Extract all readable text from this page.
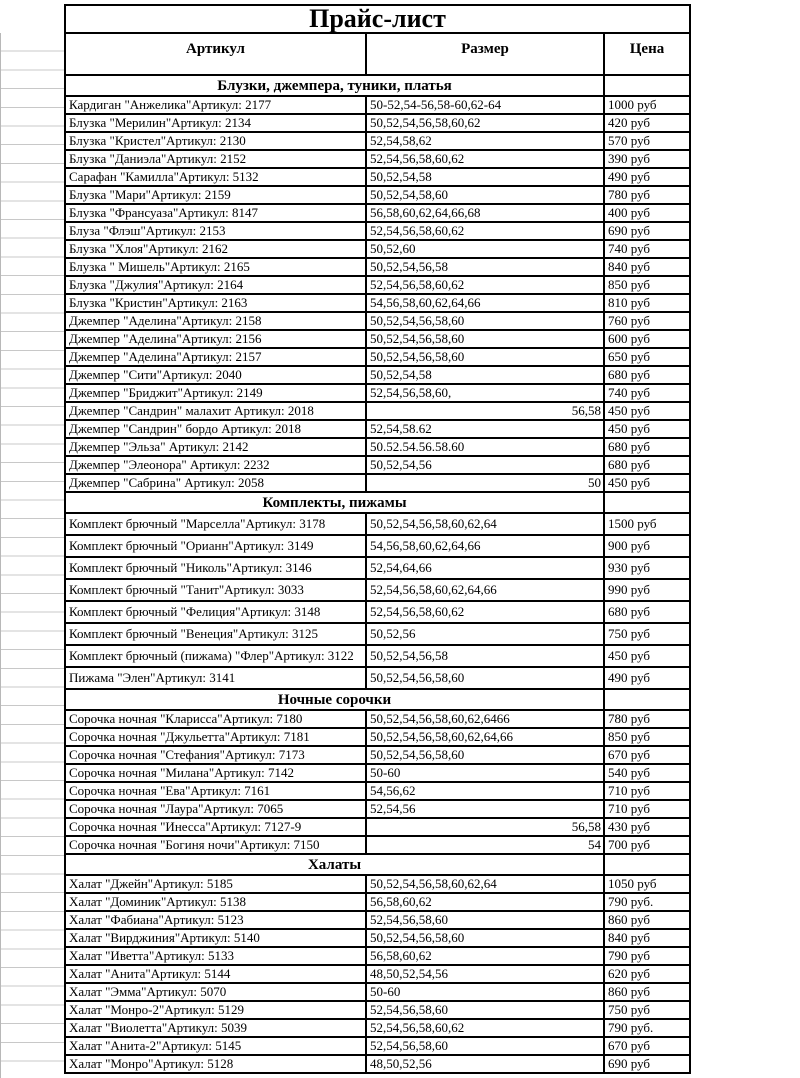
Прайс-лист		
Артикул	Размер	Цена
Блузки, джемпера, туники, платья		
Кардиган "Анжелика"Артикул: 2177	50-52,54-56,58-60,62-64	1000 руб
Блузка "Мерилин"Артикул: 2134	50,52,54,56,58,60,62	420 руб
Блузка "Кристел"Артикул: 2130	52,54,58,62	570 руб
Блузка "Даниэла"Артикул: 2152	52,54,56,58,60,62	390 руб
Сарафан "Камилла"Артикул: 5132	50,52,54,58	490 руб
Блузка "Мари"Артикул: 2159	50,52,54,58,60	780 руб
Блузка "Франсуаза"Артикул: 8147	56,58,60,62,64,66,68	400 руб
Блуза "Флэш"Артикул: 2153	52,54,56,58,60,62	690 руб
Блузка "Хлоя"Артикул: 2162	50,52,60	740 руб
Блузка " Мишель"Артикул: 2165	50,52,54,56,58	840 руб
Блузка "Джулия"Артикул: 2164	52,54,56,58,60,62	850 руб
Блузка "Кристин"Артикул: 2163	54,56,58,60,62,64,66	810 руб
Джемпер "Аделина"Артикул: 2158	50,52,54,56,58,60	760 руб
Джемпер "Аделина"Артикул: 2156	50,52,54,56,58,60	600 руб
Джемпер "Аделина"Артикул: 2157	50,52,54,56,58,60	650 руб
Джемпер "Сити"Артикул: 2040	50,52,54,58	680 руб
Джемпер "Бриджит"Артикул: 2149	52,54,56,58,60,	740 руб
Джемпер "Сандрин" малахит Артикул: 2018	56,58	450 руб
Джемпер "Сандрин" бордо Артикул: 2018	52,54,58.62	450 руб
Джемпер "Эльза" Артикул: 2142	50.52.54.56.58.60	680 руб
Джемпер "Элеонора" Артикул: 2232	50,52,54,56	680 руб
Джемпер "Сабрина" Артикул: 2058	50	450 руб
Комплекты, пижамы		
Комплект брючный "Марселла"Артикул: 3178	50,52,54,56,58,60,62,64	1500 руб
Комплект брючный "Орианн"Артикул: 3149	54,56,58,60,62,64,66	900 руб
Комплект брючный "Николь"Артикул: 3146	52,54,64,66	930 руб
Комплект брючный "Танит"Артикул: 3033	52,54,56,58,60,62,64,66	990 руб
Комплект брючный "Фелиция"Артикул: 3148	52,54,56,58,60,62	680 руб
Комплект брючный "Венеция"Артикул: 3125	50,52,56	750 руб
Комплект брючный (пижама) "Флер"Артикул: 3122	50,52,54,56,58	450 руб
Пижама "Элен"Артикул: 3141	50,52,54,56,58,60	490 руб
Ночные сорочки		
Сорочка ночная "Кларисса"Артикул: 7180	50,52,54,56,58,60,62,6466	780 руб
Сорочка ночная "Джульетта"Артикул: 7181	50,52,54,56,58,60,62,64,66	850 руб
Сорочка ночная "Стефания"Артикул: 7173	50,52,54,56,58,60	670 руб
Сорочка ночная "Милана"Артикул: 7142	50-60	540 руб
Сорочка ночная "Ева"Артикул: 7161	54,56,62	710 руб
Сорочка ночная "Лаура"Артикул: 7065	52,54,56	710 руб
Сорочка ночная "Инесса"Артикул: 7127-9	56,58	430 руб
Сорочка ночная "Богиня ночи"Артикул: 7150	54	700 руб
Халаты		
Халат "Джейн"Артикул: 5185	50,52,54,56,58,60,62,64	1050 руб
Халат "Доминик"Артикул: 5138	56,58,60,62	790 руб.
Халат "Фабиана"Артикул: 5123	52,54,56,58,60	860 руб
Халат "Вирджиния"Артикул: 5140	50,52,54,56,58,60	840 руб
Халат "Иветта"Артикул: 5133	56,58,60,62	790 руб
Халат "Анита"Артикул: 5144	48,50,52,54,56	620 руб
Халат "Эмма"Артикул: 5070	50-60	860 руб
Халат "Монро-2"Артикул: 5129	52,54,56,58,60	750 руб
Халат "Виолетта"Артикул: 5039	52,54,56,58,60,62	790 руб.
Халат "Анита-2"Артикул: 5145	52,54,56,58,60	670 руб
Халат "Монро"Артикул: 5128	48,50,52,56	690 руб
